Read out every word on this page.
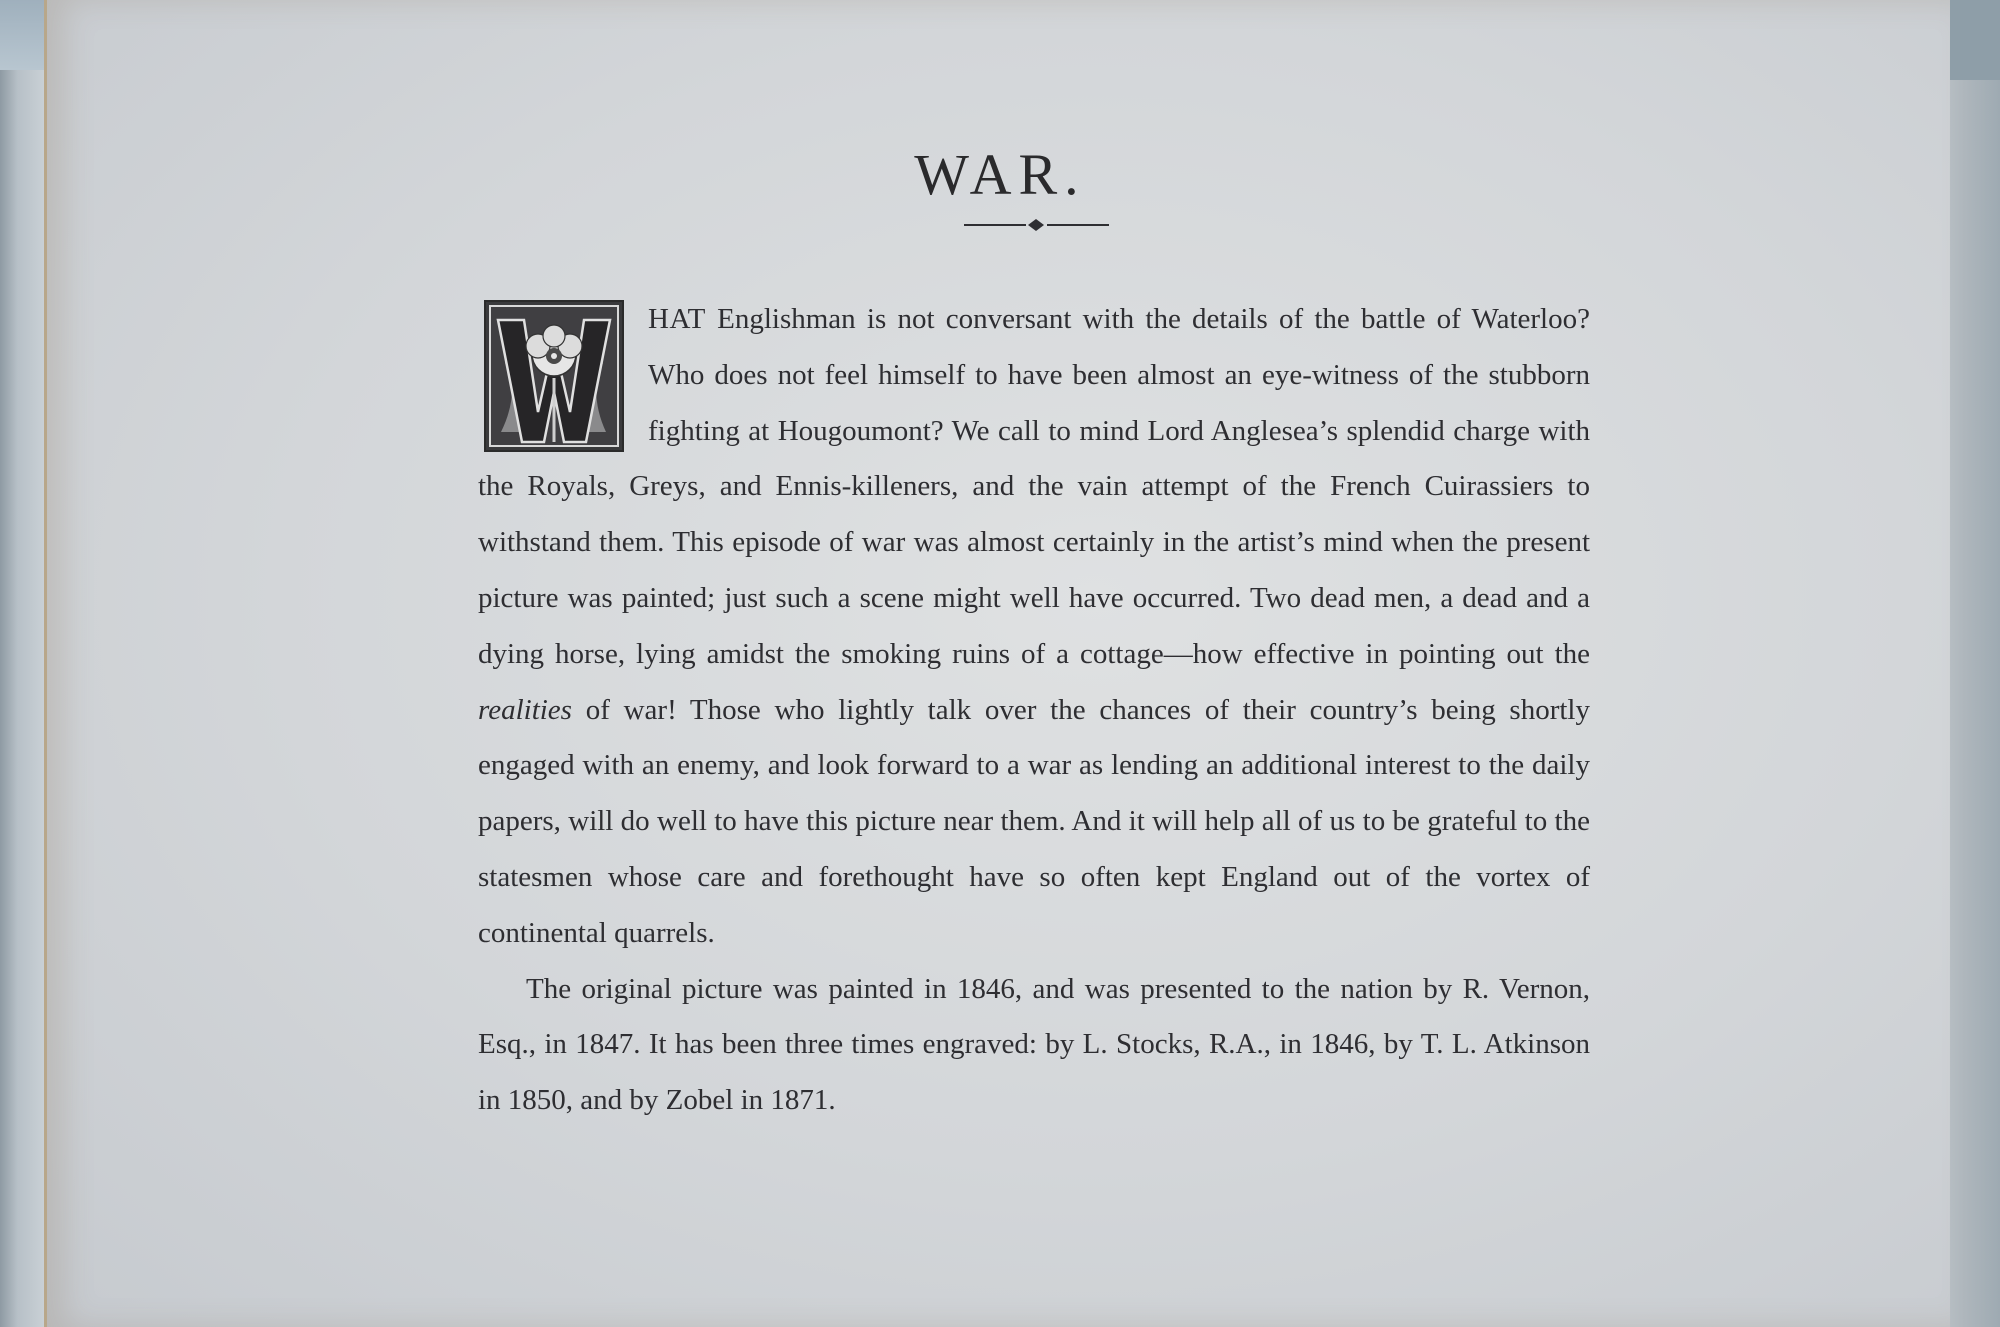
WAR.

HAT Englishman is not conversant with the details of the battle of Waterloo? Who does not feel himself to have been almost an eye-witness of the stubborn fighting at Hougoumont? We call to mind Lord Anglesea’s splendid charge with the Royals, Greys, and Ennis-killeners, and the vain attempt of the French Cuirassiers to withstand them. This episode of war was almost certainly in the artist’s mind when the present picture was painted; just such a scene might well have occurred. Two dead men, a dead and a dying horse, lying amidst the smoking ruins of a cottage—how effective in pointing out the realities of war! Those who lightly talk over the chances of their country’s being shortly engaged with an enemy, and look forward to a war as lending an additional interest to the daily papers, will do well to have this picture near them. And it will help all of us to be grateful to the statesmen whose care and forethought have so often kept England out of the vortex of continental quarrels.

The original picture was painted in 1846, and was presented to the nation by R. Vernon, Esq., in 1847. It has been three times engraved: by L. Stocks, R.A., in 1846, by T. L. Atkinson in 1850, and by Zobel in 1871.
